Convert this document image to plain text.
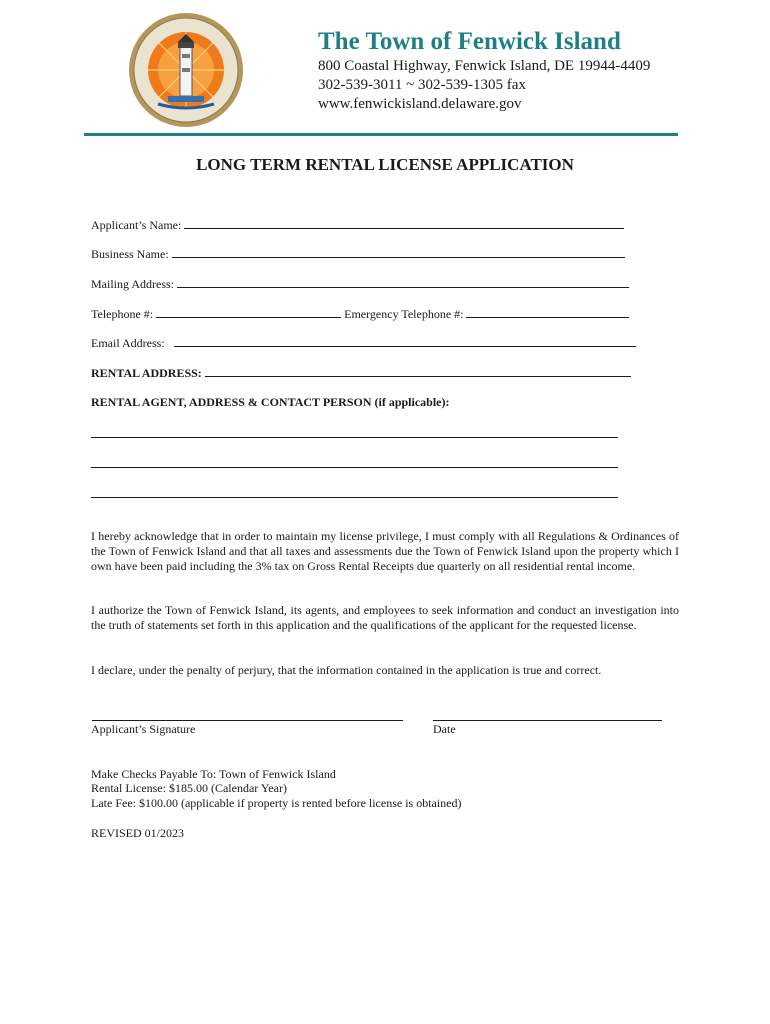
The Town of Fenwick Island
800 Coastal Highway, Fenwick Island, DE 19944-4409
302-539-3011 ~ 302-539-1305 fax
www.fenwickisland.delaware.gov
LONG TERM RENTAL LICENSE APPLICATION
Applicant’s Name:
Business Name:
Mailing Address:
Telephone #:	Emergency Telephone #:
Email Address:
RENTAL ADDRESS:
RENTAL AGENT, ADDRESS & CONTACT PERSON (if applicable):
I hereby acknowledge that in order to maintain my license privilege, I must comply with all Regulations & Ordinances of the Town of Fenwick Island and that all taxes and assessments due the Town of Fenwick Island upon the property which I own have been paid including the 3% tax on Gross Rental Receipts due quarterly on all residential rental income.
I authorize the Town of Fenwick Island, its agents, and employees to seek information and conduct an investigation into the truth of statements set forth in this application and the qualifications of the applicant for the requested license.
I declare, under the penalty of perjury, that the information contained in the application is true and correct.
Applicant’s Signature	Date
Make Checks Payable To: Town of Fenwick Island
Rental License: $185.00 (Calendar Year)
Late Fee: $100.00 (applicable if property is rented before license is obtained)
REVISED 01/2023
